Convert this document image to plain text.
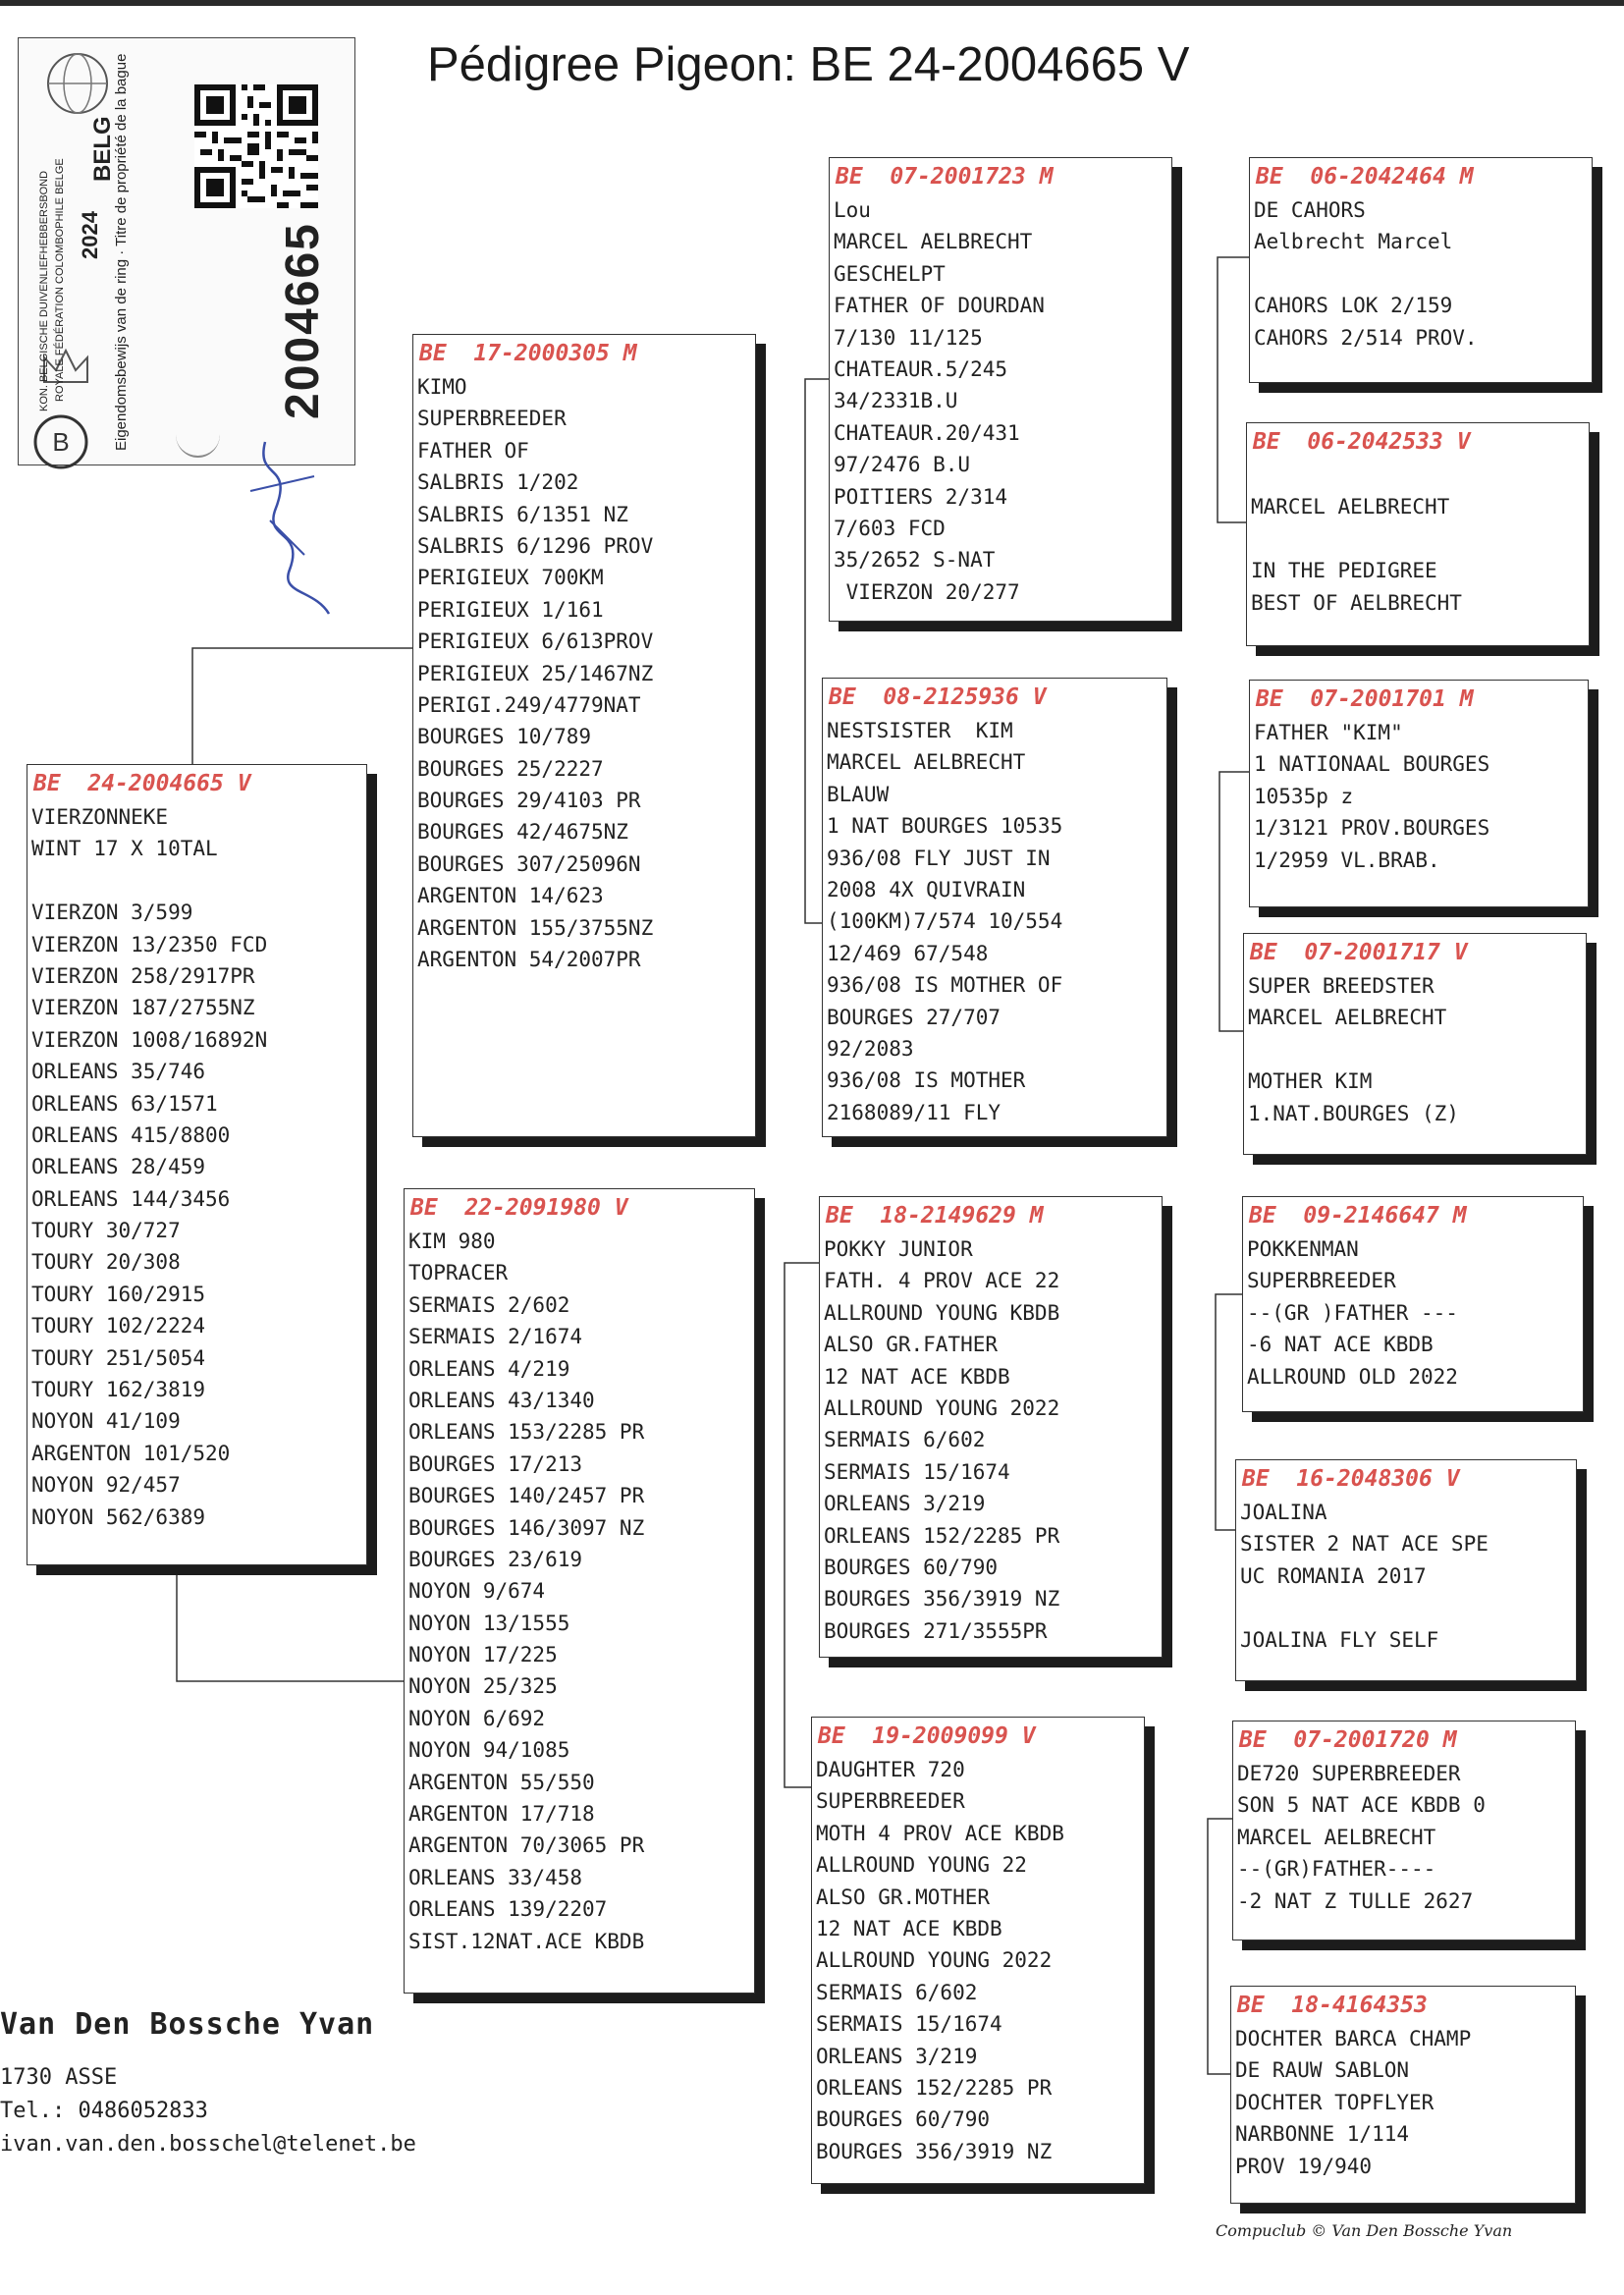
Pédigree Pigeon: BE 24-2004665 V
B
KON. BELGISCHE DUIVENLIEFHEBBERSBOND ROYALE FÉDÉRATION COLOMBOPHILE BELGE 2024
BELG
Eigendomsbewijs van de ring · Titre de propriété de la bague	2004665
BE  24-2004665 V
VIERZONNEKE
WINT 17 X 10TAL
VIERZON 3/599
VIERZON 13/2350 FCD
VIERZON 258/2917PR
VIERZON 187/2755NZ
VIERZON 1008/16892N
ORLEANS 35/746
ORLEANS 63/1571
ORLEANS 415/8800
ORLEANS 28/459
ORLEANS 144/3456
TOURY 30/727
TOURY 20/308
TOURY 160/2915
TOURY 102/2224
TOURY 251/5054
TOURY 162/3819
NOYON 41/109
ARGENTON 101/520
NOYON 92/457
NOYON 562/6389
BE  17-2000305 M
KIMO
SUPERBREEDER
FATHER OF
SALBRIS 1/202
SALBRIS 6/1351 NZ
SALBRIS 6/1296 PROV
PERIGIEUX 700KM
PERIGIEUX 1/161
PERIGIEUX 6/613PROV
PERIGIEUX 25/1467NZ
PERIGI.249/4779NAT
BOURGES 10/789
BOURGES 25/2227
BOURGES 29/4103 PR
BOURGES 42/4675NZ
BOURGES 307/25096N
ARGENTON 14/623
ARGENTON 155/3755NZ
ARGENTON 54/2007PR
BE  22-2091980 V
KIM 980
TOPRACER
SERMAIS 2/602
SERMAIS 2/1674
ORLEANS 4/219
ORLEANS 43/1340
ORLEANS 153/2285 PR
BOURGES 17/213
BOURGES 140/2457 PR
BOURGES 146/3097 NZ
BOURGES 23/619
NOYON 9/674
NOYON 13/1555
NOYON 17/225
NOYON 25/325
NOYON 6/692
NOYON 94/1085
ARGENTON 55/550
ARGENTON 17/718
ARGENTON 70/3065 PR
ORLEANS 33/458
ORLEANS 139/2207
SIST.12NAT.ACE KBDB
BE  07-2001723 M
Lou
MARCEL AELBRECHT
GESCHELPT
FATHER OF DOURDAN
7/130 11/125
CHATEAUR.5/245
34/2331B.U
CHATEAUR.20/431
97/2476 B.U
POITIERS 2/314
7/603 FCD
35/2652 S-NAT
VIERZON 20/277
BE  08-2125936 V
NESTSISTER  KIM
MARCEL AELBRECHT
BLAUW
1 NAT BOURGES 10535
936/08 FLY JUST IN
2008 4X QUIVRAIN
(100KM)7/574 10/554
12/469 67/548
936/08 IS MOTHER OF
BOURGES 27/707
92/2083
936/08 IS MOTHER
2168089/11 FLY
BE  18-2149629 M
POKKY JUNIOR
FATH. 4 PROV ACE 22
ALLROUND YOUNG KBDB
ALSO GR.FATHER
12 NAT ACE KBDB
ALLROUND YOUNG 2022
SERMAIS 6/602
SERMAIS 15/1674
ORLEANS 3/219
ORLEANS 152/2285 PR
BOURGES 60/790
BOURGES 356/3919 NZ
BOURGES 271/3555PR
BE  19-2009099 V
DAUGHTER 720
SUPERBREEDER
MOTH 4 PROV ACE KBDB
ALLROUND YOUNG 22
ALSO GR.MOTHER
12 NAT ACE KBDB
ALLROUND YOUNG 2022
SERMAIS 6/602
SERMAIS 15/1674
ORLEANS 3/219
ORLEANS 152/2285 PR
BOURGES 60/790
BOURGES 356/3919 NZ
BE  06-2042464 M
DE CAHORS
Aelbrecht Marcel
CAHORS LOK 2/159
CAHORS 2/514 PROV.
BE  06-2042533 V
MARCEL AELBRECHT
IN THE PEDIGREE
BEST OF AELBRECHT
BE  07-2001701 M
FATHER "KIM"
1 NATIONAAL BOURGES
10535p z
1/3121 PROV.BOURGES
1/2959 VL.BRAB.
BE  07-2001717 V
SUPER BREEDSTER
MARCEL AELBRECHT
MOTHER KIM
1.NAT.BOURGES (Z)
BE  09-2146647 M
POKKENMAN
SUPERBREEDER
--(GR )FATHER ---
-6 NAT ACE KBDB
ALLROUND OLD 2022
BE  16-2048306 V
JOALINA
SISTER 2 NAT ACE SPE
UC ROMANIA 2017
JOALINA FLY SELF
BE  07-2001720 M
DE720 SUPERBREEDER
SON 5 NAT ACE KBDB 0
MARCEL AELBRECHT
--(GR)FATHER----
-2 NAT Z TULLE 2627
BE  18-4164353
DOCHTER BARCA CHAMP
DE RAUW SABLON
DOCHTER TOPFLYER
NARBONNE 1/114
PROV 19/940
Van Den Bossche Yvan
1730 ASSE
Tel.: 0486052833
ivan.van.den.bosschel@telenet.be
Compuclub © Van Den Bossche Yvan
